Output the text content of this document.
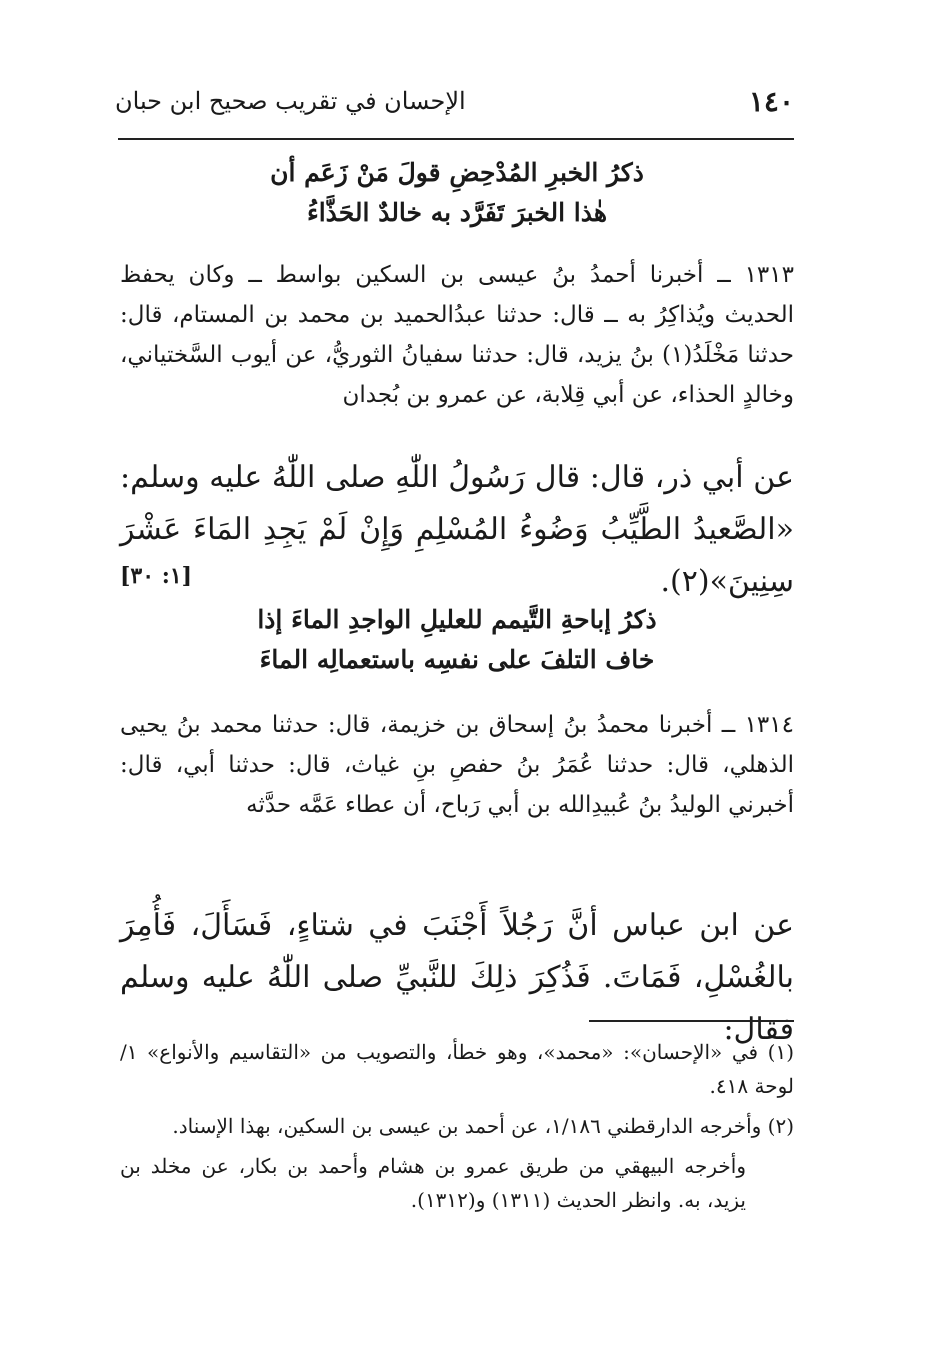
١٤٠
الإحسان في تقريب صحيح ابن حبان
ذكرُ الخبرِ المُدْحِضِ قولَ مَنْ زَعَم أن
هٰذا الخبرَ تَفَرَّد به خالدٌ الحَذَّاءُ
١٣١٣ ــ أخبرنا أحمدُ بنُ عيسى بن السكين بواسط ــ وكان يحفظ الحديث ويُذاكِرُ به ــ قال: حدثنا عبدُالحميد بن محمد بن المستام، قال: حدثنا مَخْلَدُ(١) بنُ يزيد، قال: حدثنا سفيانُ الثوريُّ، عن أيوب السَّختياني، وخالدٍ الحذاء، عن أبي قِلابة، عن عمرو بن بُجدان
عن أبي ذر، قال: قال رَسُولُ اللّٰهِ صلى اللّٰهُ عليه وسلم: «الصَّعيدُ الطَّيِّبُ وَضُوءُ المُسْلِمِ وَإِنْ لَمْ يَجِدِ المَاءَ عَشْرَ سِنِينَ»(٢).
[١: ٣٠]
ذكرُ إباحةِ التَّيمم للعليلِ الواجدِ الماءَ إذا
خاف التلفَ على نفسِه باستعمالِه الماءَ
١٣١٤ ــ أخبرنا محمدُ بنُ إسحاق بن خزيمة، قال: حدثنا محمد بنُ يحيى الذهلي، قال: حدثنا عُمَرُ بنُ حفصِ بنِ غياث، قال: حدثنا أبي، قال: أخبرني الوليدُ بنُ عُبيدِالله بن أبي رَباح، أن عطاء عَمَّه حدَّثه
عن ابن عباس أنَّ رَجُلاً أَجْنَبَ في شتاءٍ، فَسَأَلَ، فَأُمِرَ بالغُسْلِ، فَمَاتَ. فَذُكِرَ ذلِكَ للنَّبيِّ صلى اللّٰهُ عليه وسلم فقال:

(١) في «الإحسان»: «محمد»، وهو خطأ، والتصويب من «التقاسيم والأنواع» ١/ لوحة ٤١٨.

(٢) وأخرجه الدارقطني ١/١٨٦، عن أحمد بن عيسى بن السكين، بهذا الإسناد.

وأخرجه البيهقي من طريق عمرو بن هشام وأحمد بن بكار، عن مخلد بن يزيد، به. وانظر الحديث (١٣١١) و(١٣١٢).
